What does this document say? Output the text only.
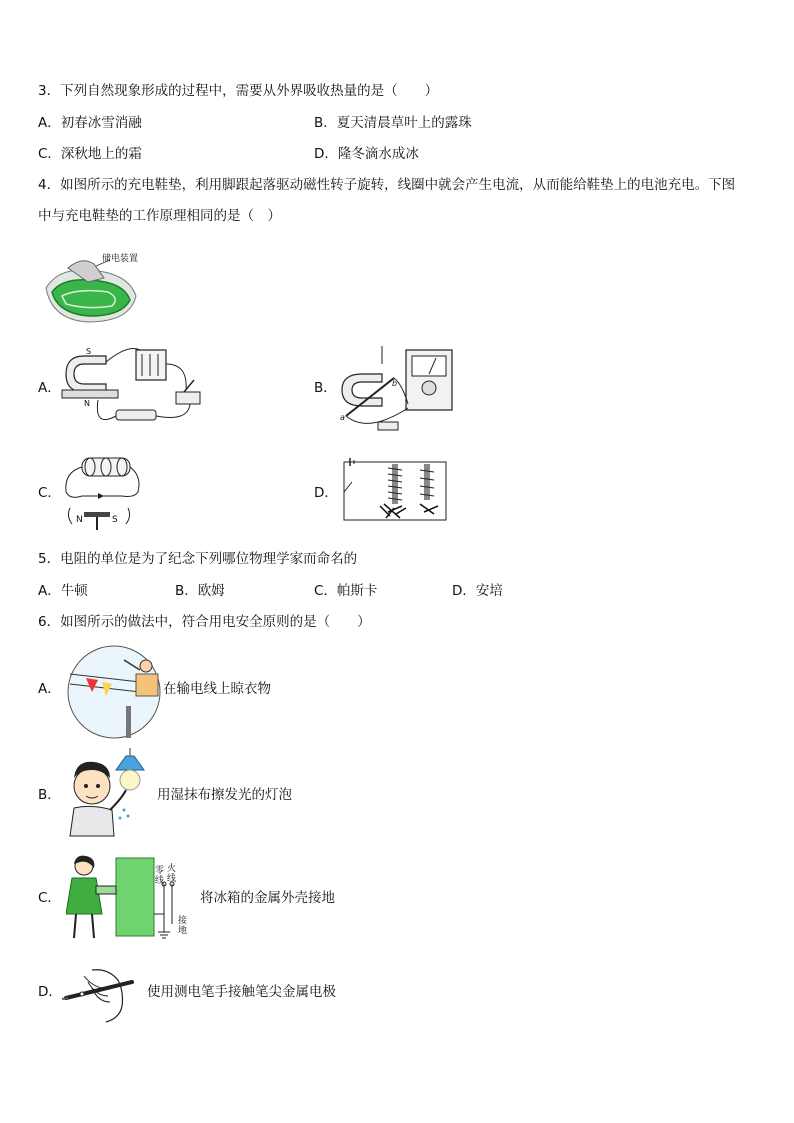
3．下列自然现象形成的过程中，需要从外界吸收热量的是（　　）
A．初春冰雪消融	B．夏天清晨草叶上的露珠
C．深秋地上的霜	D．隆冬滴水成冰
4．如图所示的充电鞋垫，利用脚跟起落驱动磁性转子旋转，线圈中就会产生电流，从而能给鞋垫上的电池充电。下图
中与充电鞋垫的工作原理相同的是（　）
储电装置
A．	B．
C．	D．
S
N
a
b
N	S
5．电阻的单位是为了纪念下列哪位物理学家而命名的
A．牛顿	B．欧姆	C．帕斯卡	D．安培
6．如图所示的做法中，符合用电安全原则的是（　　）
A．	在输电线上晾衣物
B．	用湿抹布擦发光的灯泡
C．
零线
火线
接地
将冰箱的金属外壳接地
D．	使用测电笔手接触笔尖金属电极
